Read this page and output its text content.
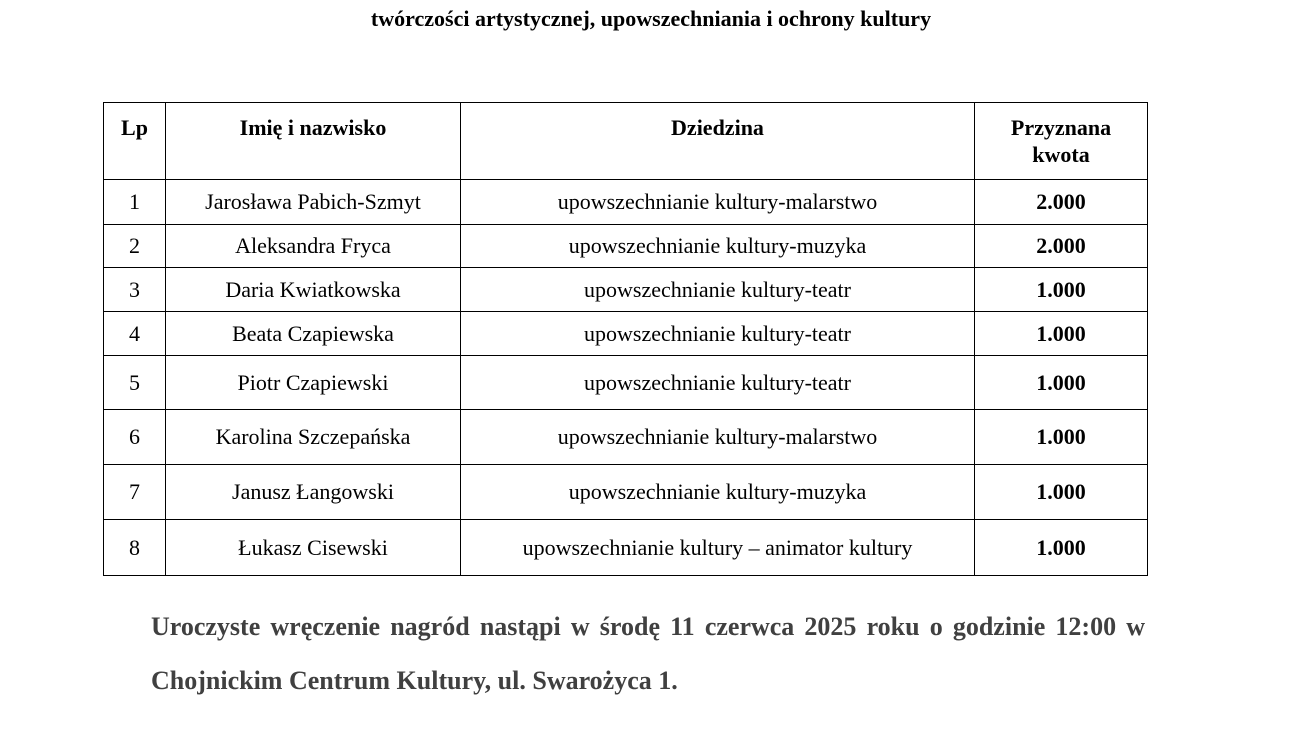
twórczości artystycznej, upowszechniania i ochrony kultury
Lp	Imię i nazwisko	Dziedzina	Przyznana kwota
1	Jarosława Pabich-Szmyt	upowszechnianie kultury-malarstwo	2.000
2	Aleksandra Fryca	upowszechnianie kultury-muzyka	2.000
3	Daria Kwiatkowska	upowszechnianie kultury-teatr	1.000
4	Beata Czapiewska	upowszechnianie kultury-teatr	1.000
5	Piotr Czapiewski	upowszechnianie kultury-teatr	1.000
6	Karolina Szczepańska	upowszechnianie kultury-malarstwo	1.000
7	Janusz Łangowski	upowszechnianie kultury-muzyka	1.000
8	Łukasz Cisewski	upowszechnianie kultury – animator kultury	1.000

Uroczyste wręczenie nagród nastąpi w środę 11 czerwca 2025 roku o godzinie 12:00 w Chojnickim Centrum Kultury, ul. Swarożyca 1.
